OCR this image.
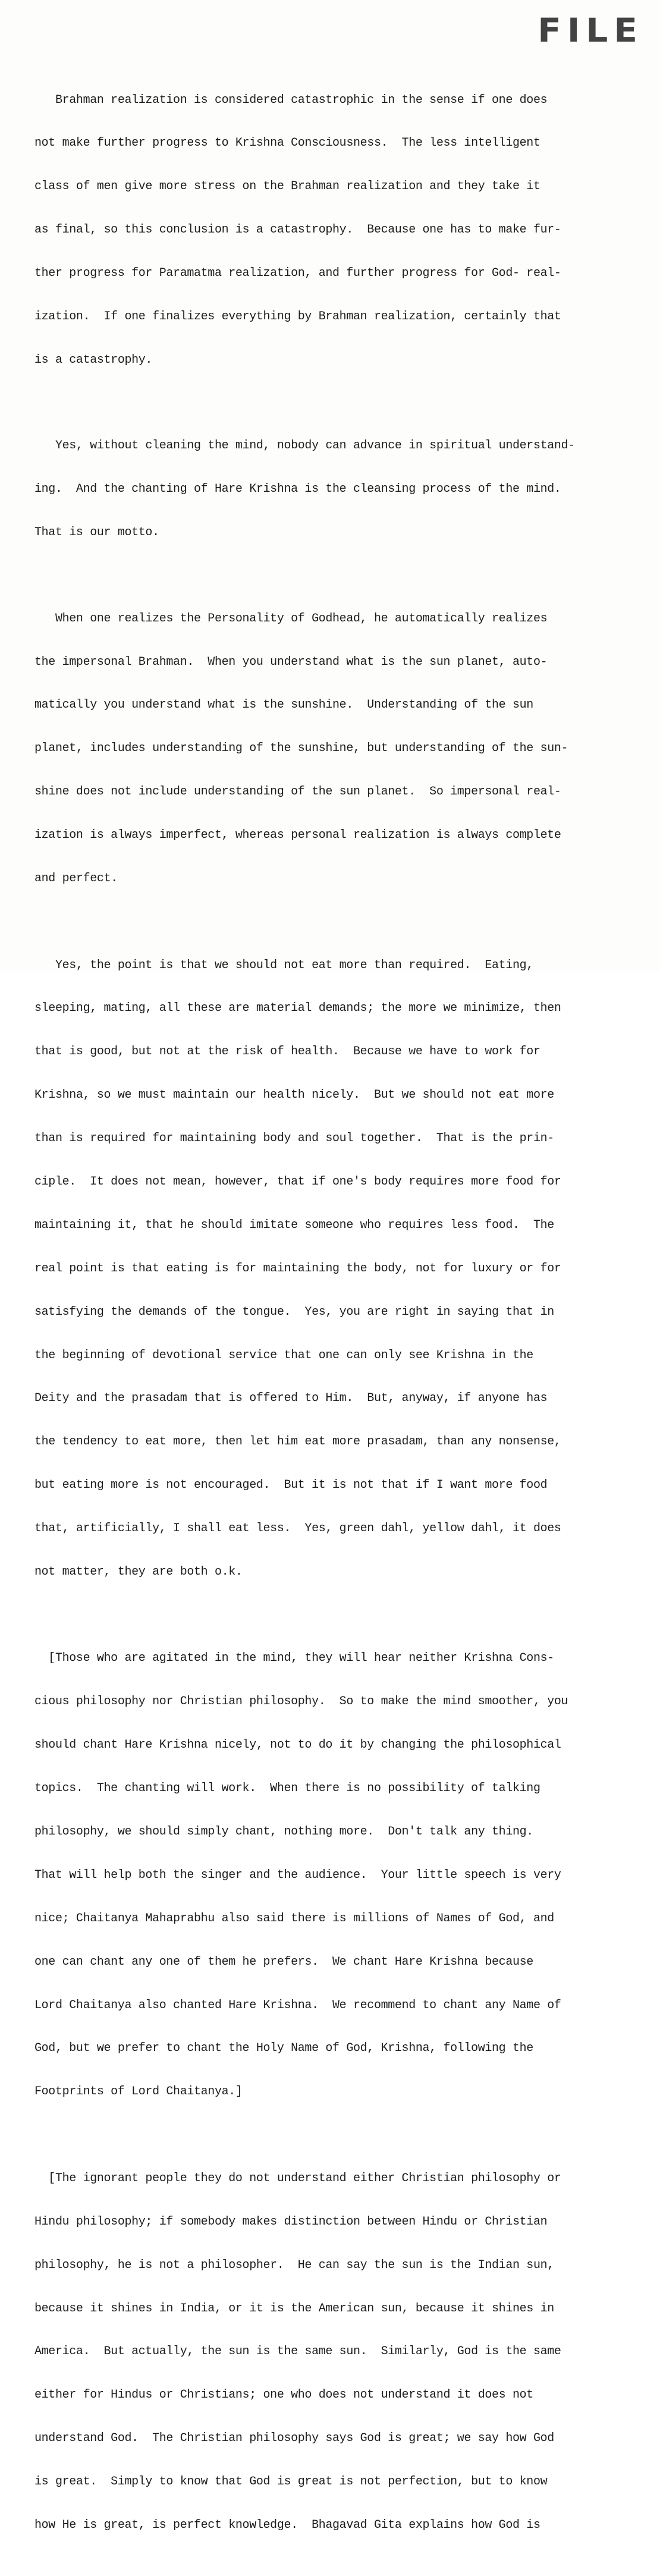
FILE

Brahman realization is considered catastrophic in the sense if one does

not make further progress to Krishna Consciousness.  The less intelligent

class of men give more stress on the Brahman realization and they take it

as final, so this conclusion is a catastrophy.  Because one has to make fur-

ther progress for Paramatma realization, and further progress for God- real-

ization.  If one finalizes everything by Brahman realization, certainly that

is a catastrophy.

Yes, without cleaning the mind, nobody can advance in spiritual understand-

ing.  And the chanting of Hare Krishna is the cleansing process of the mind.

That is our motto.

When one realizes the Personality of Godhead, he automatically realizes

the impersonal Brahman.  When you understand what is the sun planet, auto-

matically you understand what is the sunshine.  Understanding of the sun

planet, includes understanding of the sunshine, but understanding of the sun-

shine does not include understanding of the sun planet.  So impersonal real-

ization is always imperfect, whereas personal realization is always complete

and perfect.

Yes, the point is that we should not eat more than required.  Eating,

sleeping, mating, all these are material demands; the more we minimize, then

that is good, but not at the risk of health.  Because we have to work for

Krishna, so we must maintain our health nicely.  But we should not eat more

than is required for maintaining body and soul together.  That is the prin-

ciple.  It does not mean, however, that if one's body requires more food for

maintaining it, that he should imitate someone who requires less food.  The

real point is that eating is for maintaining the body, not for luxury or for

satisfying the demands of the tongue.  Yes, you are right in saying that in

the beginning of devotional service that one can only see Krishna in the

Deity and the prasadam that is offered to Him.  But, anyway, if anyone has

the tendency to eat more, then let him eat more prasadam, than any nonsense,

but eating more is not encouraged.  But it is not that if I want more food

that, artificially, I shall eat less.  Yes, green dahl, yellow dahl, it does

not matter, they are both o.k.

[Those who are agitated in the mind, they will hear neither Krishna Cons-

cious philosophy nor Christian philosophy.  So to make the mind smoother, you

should chant Hare Krishna nicely, not to do it by changing the philosophical

topics.  The chanting will work.  When there is no possibility of talking

philosophy, we should simply chant, nothing more.  Don't talk any thing.

That will help both the singer and the audience.  Your little speech is very

nice; Chaitanya Mahaprabhu also said there is millions of Names of God, and

one can chant any one of them he prefers.  We chant Hare Krishna because

Lord Chaitanya also chanted Hare Krishna.  We recommend to chant any Name of

God, but we prefer to chant the Holy Name of God, Krishna, following the

Footprints of Lord Chaitanya.]

[The ignorant people they do not understand either Christian philosophy or

Hindu philosophy; if somebody makes distinction between Hindu or Christian

philosophy, he is not a philosopher.  He can say the sun is the Indian sun,

because it shines in India, or it is the American sun, because it shines in

America.  But actually, the sun is the same sun.  Similarly, God is the same

either for Hindus or Christians; one who does not understand it does not

understand God.  The Christian philosophy says God is great; we say how God

is great.  Simply to know that God is great is not perfection, but to know

how He is great, is perfect knowledge.  Bhagavad Gita explains how God is
